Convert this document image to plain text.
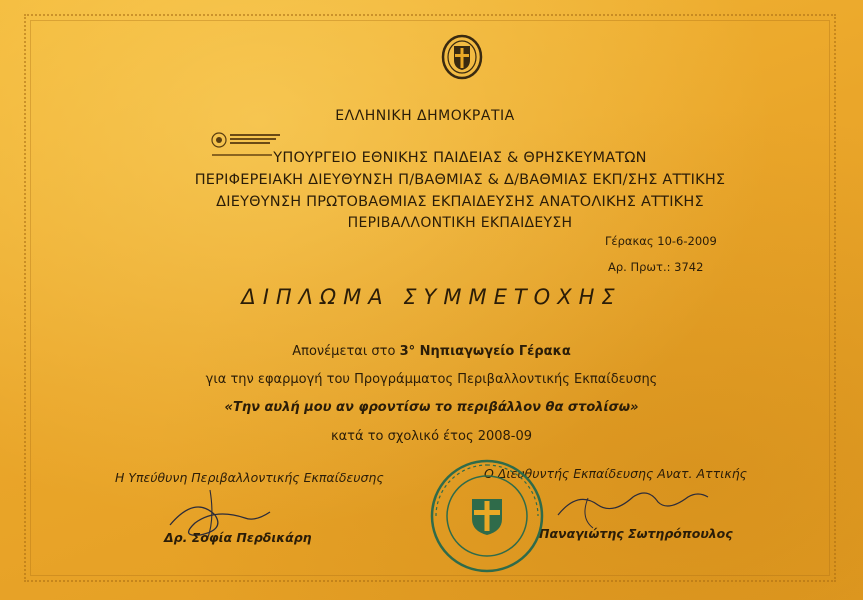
ΕΛΛΗΝΙΚΗ ΔΗΜΟΚΡΑΤΙΑ
ΥΠΟΥΡΓΕΙΟ ΕΘΝΙΚΗΣ ΠΑΙΔΕΙΑΣ & ΘΡΗΣΚΕΥΜΑΤΩΝ
ΠΕΡΙΦΕΡΕΙΑΚΗ ΔΙΕΥΘΥΝΣΗ Π/ΒΑΘΜΙΑΣ & Δ/ΒΑΘΜΙΑΣ ΕΚΠ/ΣΗΣ ΑΤΤΙΚΗΣ
ΔΙΕΥΘΥΝΣΗ ΠΡΩΤΟΒΑΘΜΙΑΣ ΕΚΠΑΙΔΕΥΣΗΣ ΑΝΑΤΟΛΙΚΗΣ ΑΤΤΙΚΗΣ
ΠΕΡΙΒΑΛΛΟΝΤΙΚΗ ΕΚΠΑΙΔΕΥΣΗ
Γέρακας 10-6-2009
Αρ. Πρωτ.: 3742
ΔΙΠΛΩΜΑ ΣΥΜΜΕΤΟΧΗΣ
Απονέμεται στο 3° Νηπιαγωγείο Γέρακα
για την εφαρμογή του Προγράμματος Περιβαλλοντικής Εκπαίδευσης
«Την αυλή μου αν φροντίσω το περιβάλλον θα στολίσω»
κατά το σχολικό έτος 2008-09
Η Υπεύθυνη Περιβαλλοντικής Εκπαίδευσης
Δρ. Σοφία Περδικάρη
Ο Διευθυντής Εκπαίδευσης Ανατ. Αττικής
Παναγιώτης Σωτηρόπουλος
